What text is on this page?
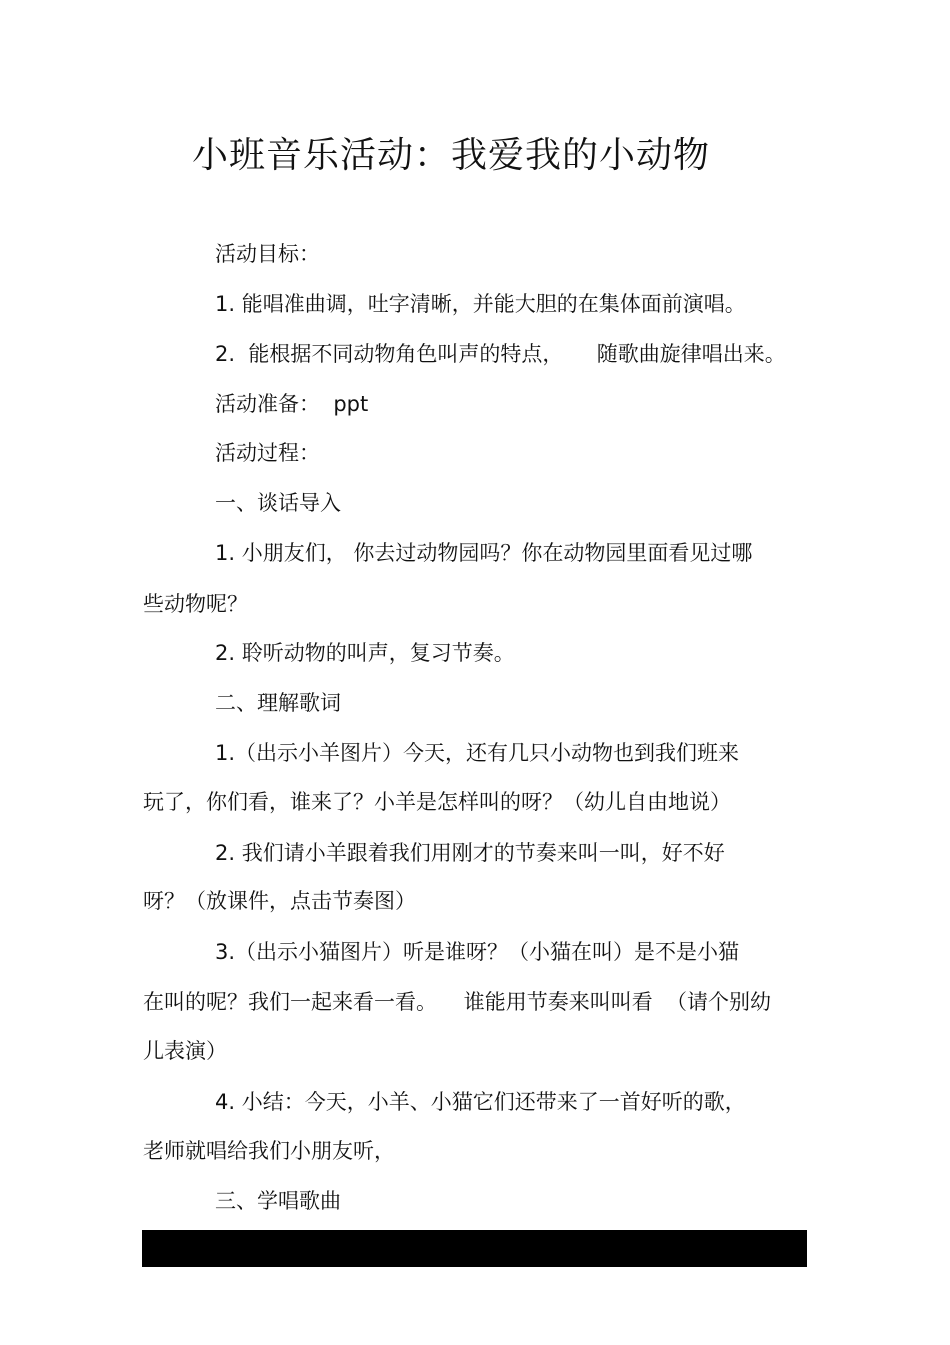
小班音乐活动：我爱我的小动物
活动目标：
1. 能唱准曲调，吐字清晰，并能大胆的在集体面前演唱。
2.  能根据不同动物角色叫声的特点，     随歌曲旋律唱出来。
活动准备：  ppt
活动过程：
一、谈话导入
1. 小朋友们， 你去过动物园吗？你在动物园里面看见过哪
些动物呢？
2. 聆听动物的叫声，复习节奏。
二、理解歌词
1.（出示小羊图片）今天，还有几只小动物也到我们班来
玩了，你们看，谁来了？小羊是怎样叫的呀？（幼儿自由地说）
2. 我们请小羊跟着我们用刚才的节奏来叫一叫，好不好
呀？（放课件，点击节奏图）
3.（出示小猫图片）听是谁呀？（小猫在叫）是不是小猫
在叫的呢？我们一起来看一看。    谁能用节奏来叫叫看  （请个别幼
儿表演）
4. 小结：今天，小羊、小猫它们还带来了一首好听的歌，
老师就唱给我们小朋友听，
三、学唱歌曲
